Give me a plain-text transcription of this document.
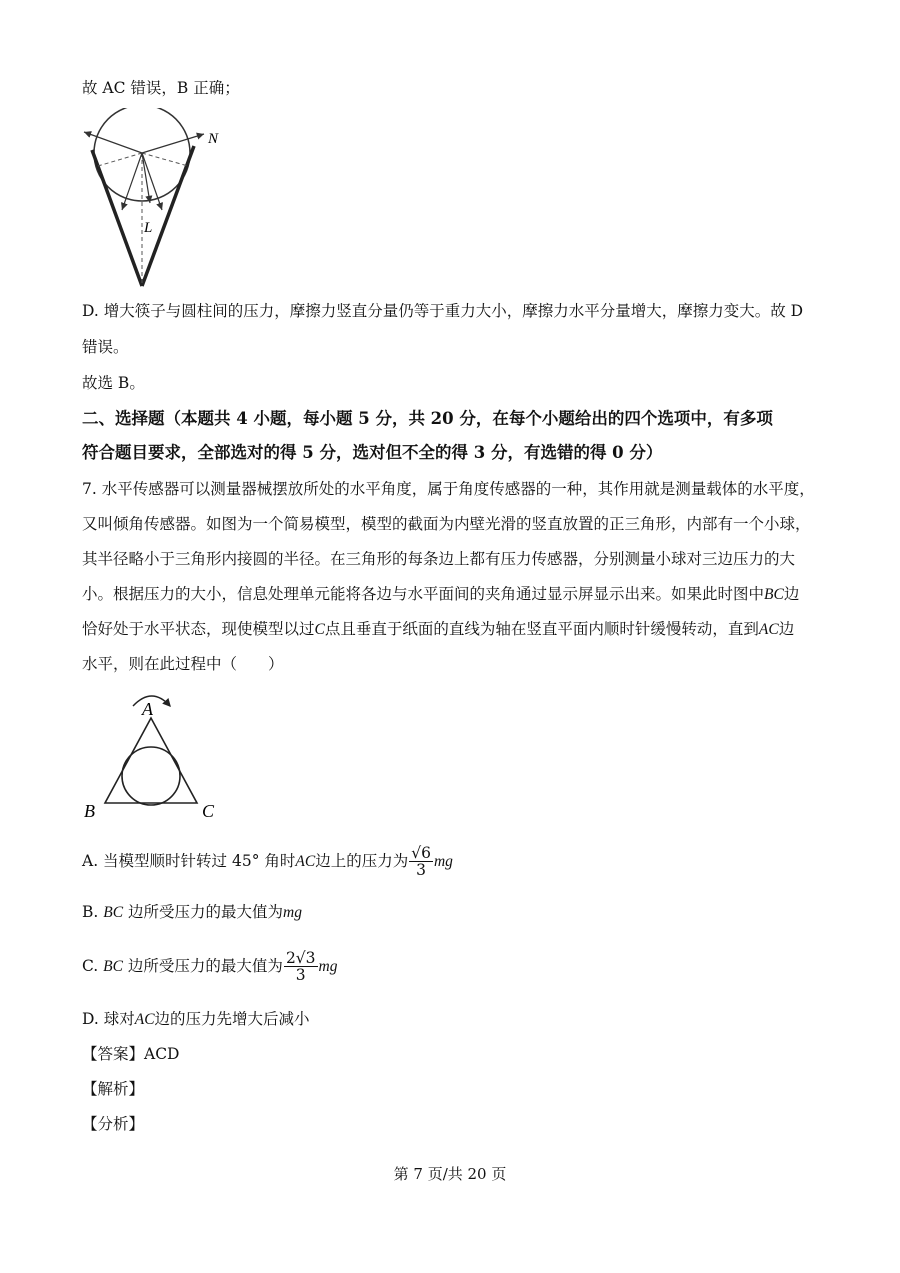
故 AC 错误，B 正确；
N
L
D. 增大筷子与圆柱间的压力，摩擦力竖直分量仍等于重力大小，摩擦力水平分量增大，摩擦力变大。故 D
错误。
故选 B。
二、选择题（本题共 4 小题，每小题 5 分，共 20 分，在每个小题给出的四个选项中，有多项
符合题目要求，全部选对的得 5 分，选对但不全的得 3 分，有选错的得 0 分）
7. 水平传感器可以测量器械摆放所处的水平角度，属于角度传感器的一种，其作用就是测量载体的水平度，
又叫倾角传感器。如图为一个简易模型，模型的截面为内壁光滑的竖直放置的正三角形，内部有一个小球，
其半径略小于三角形内接圆的半径。在三角形的每条边上都有压力传感器，分别测量小球对三边压力的大
小。根据压力的大小，信息处理单元能将各边与水平面间的夹角通过显示屏显示出来。如果此时图中BC边
恰好处于水平状态，现使模型以过C点且垂直于纸面的直线为轴在竖直平面内顺时针缓慢转动，直到AC边
水平，则在此过程中（　　）
A
B	C
A. 当模型顺时针转过 45° 角时AC边上的压力为 $\frac{√6}{3}$ mg
B. BC 边所受压力的最大值为mg
C. BC 边所受压力的最大值为 $\frac{2√3}{3}$ mg
D. 球对AC边的压力先增大后减小
【答案】ACD
【解析】
【分析】
第 7 页/共 20 页
